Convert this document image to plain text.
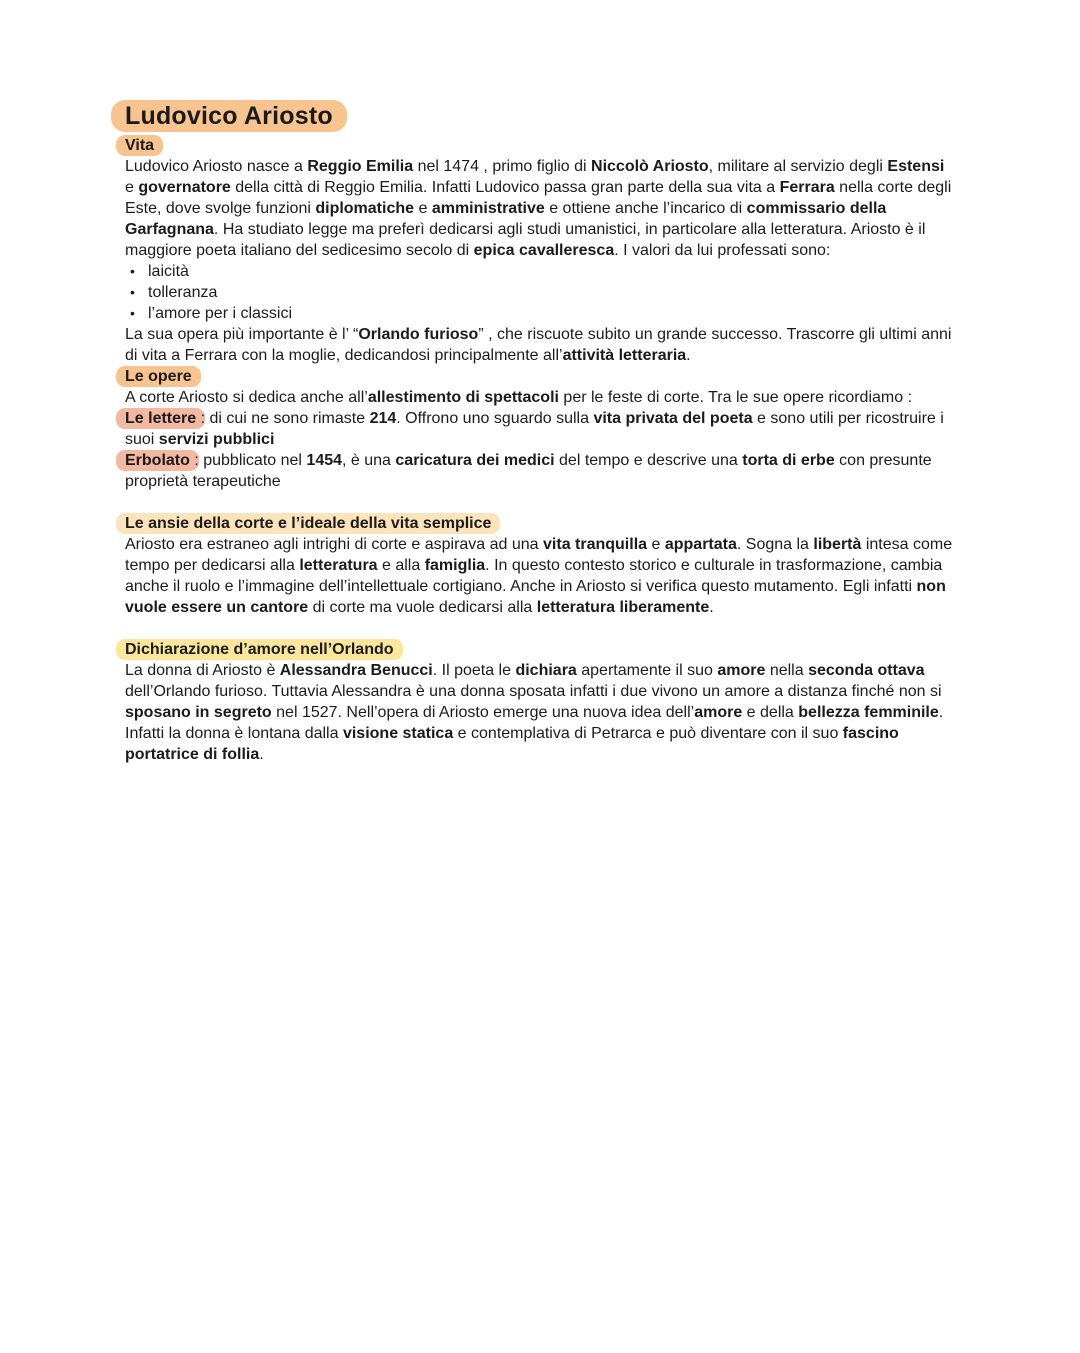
Ludovico Ariosto

Vita

Ludovico Ariosto nasce a Reggio Emilia nel 1474 , primo figlio di Niccolò Ariosto, militare al servizio degli Estensi e governatore della città di Reggio Emilia. Infatti Ludovico passa gran parte della sua vita a Ferrara nella corte degli Este, dove svolge funzioni diplomatiche e amministrative e ottiene anche l’incarico di commissario della Garfagnana. Ha studiato legge ma preferì dedicarsi agli studi umanistici, in particolare alla letteratura. Ariosto è il maggiore poeta italiano del sedicesimo secolo di epica cavalleresca. I valori da lui professati sono:

• laicità
• tolleranza
• l’amore per i classici

La sua opera più importante è l’ “Orlando furioso” , che riscuote subito un grande successo. Trascorre gli ultimi anni di vita a Ferrara con la moglie, dedicandosi principalmente all’attività letteraria.

Le opere

A corte Ariosto si dedica anche all’allestimento di spettacoli per le feste di corte. Tra le sue opere ricordiamo :

Le lettere : di cui ne sono rimaste 214. Offrono uno sguardo sulla vita privata del poeta e sono utili per ricostruire i suoi servizi pubblici

Erbolato : pubblicato nel 1454, è una caricatura dei medici del tempo e descrive una torta di erbe con presunte proprietà terapeutiche

Le ansie della corte e l’ideale della vita semplice

Ariosto era estraneo agli intrighi di corte e aspirava ad una vita tranquilla e appartata. Sogna la libertà intesa come tempo per dedicarsi alla letteratura e alla famiglia. In questo contesto storico e culturale in trasformazione, cambia anche il ruolo e l’immagine dell’intellettuale cortigiano. Anche in Ariosto si verifica questo mutamento. Egli infatti non vuole essere un cantore di corte ma vuole dedicarsi alla letteratura liberamente.

Dichiarazione d’amore nell’Orlando

La donna di Ariosto è Alessandra Benucci. Il poeta le dichiara apertamente il suo amore nella seconda ottava dell’Orlando furioso. Tuttavia Alessandra è una donna sposata infatti i due vivono un amore a distanza finché non si sposano in segreto nel 1527. Nell’opera di Ariosto emerge una nuova idea dell’amore e della bellezza femminile. Infatti la donna è lontana dalla visione statica e contemplativa di Petrarca e può diventare con il suo fascino portatrice di follia.
